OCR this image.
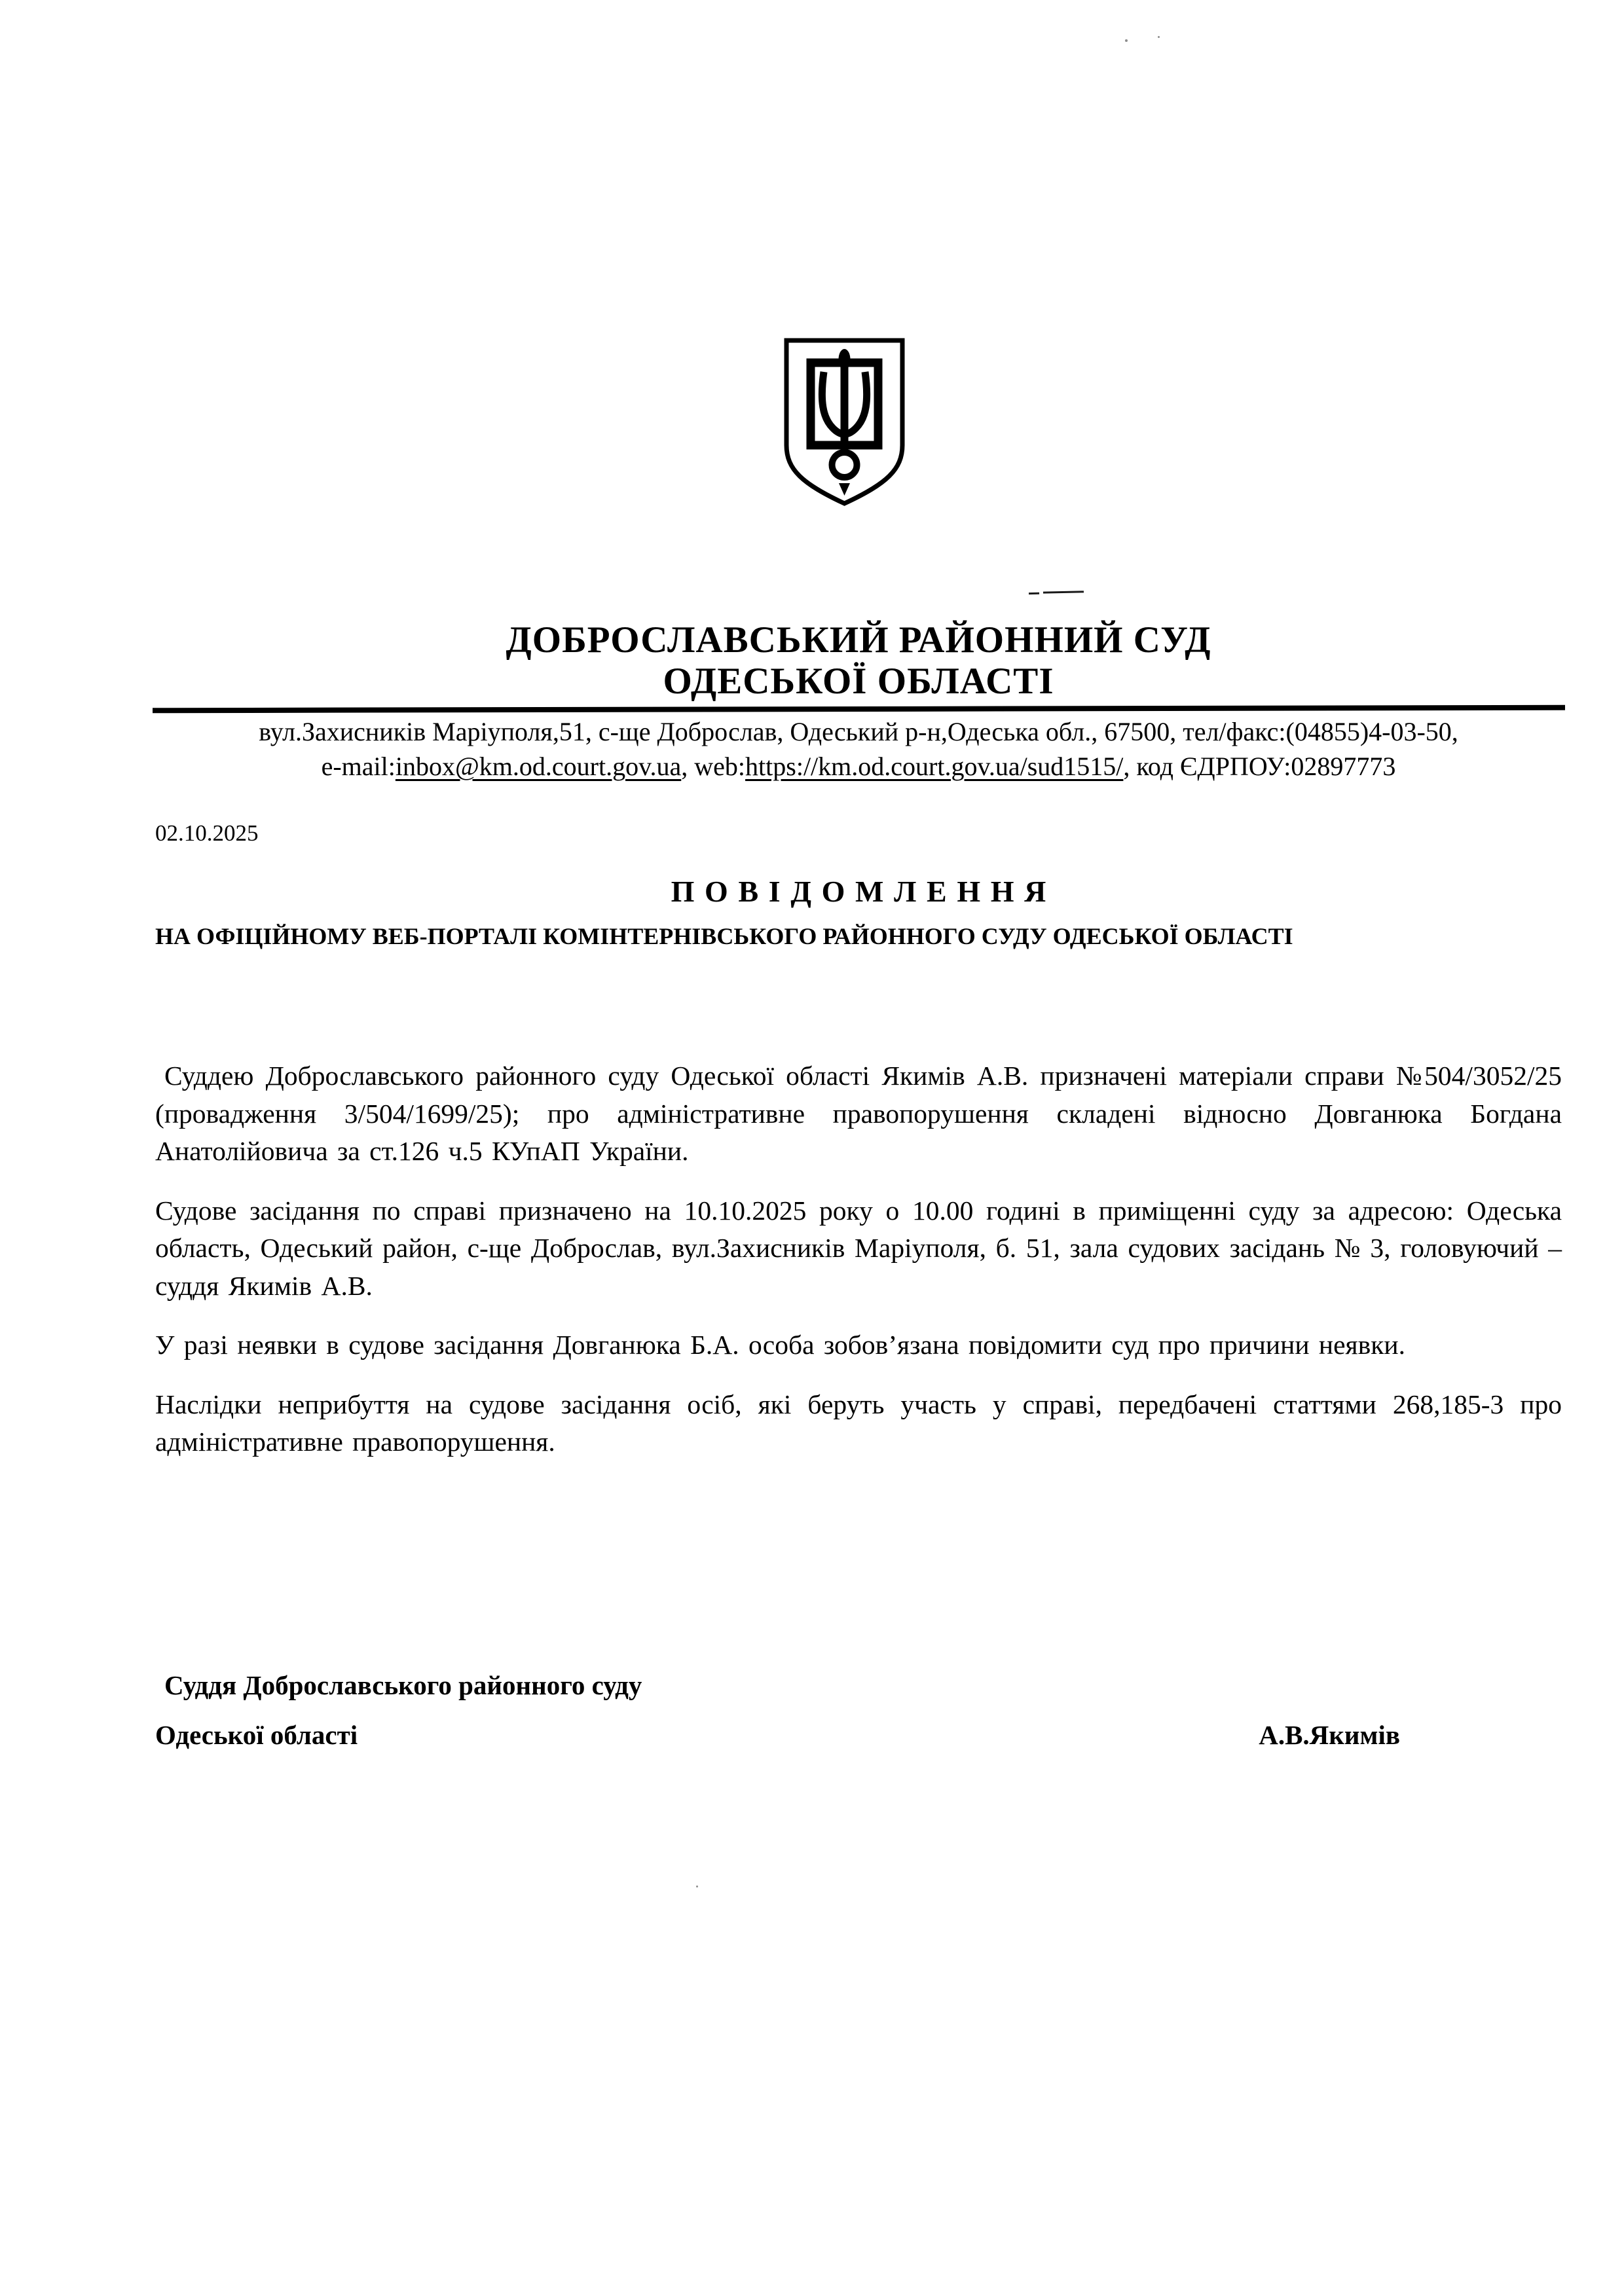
ДОБРОСЛАВСЬКИЙ РАЙОННИЙ СУД
ОДЕСЬКОЇ ОБЛАСТІ
вул.Захисників Маріуполя,51, с-ще Доброслав, Одеський р-н,Одеська обл., 67500, тел/факс:(04855)4-03-50,
e-mail:inbox@km.od.court.gov.ua, web:https://km.od.court.gov.ua/sud1515/, код ЄДРПОУ:02897773
02.10.2025
ПОВІДОМЛЕННЯ
НА ОФІЦІЙНОМУ ВЕБ-ПОРТАЛІ КОМІНТЕРНІВСЬКОГО РАЙОННОГО СУДУ ОДЕСЬКОЇ ОБЛАСТІ

Суддею Доброславського районного суду Одеської області Якимів А.В. призначені матеріали справи №504/3052/25 (провадження 3/504/1699/25); про адміністративне правопорушення складені відносно Довганюка Богдана Анатолійовича за ст.126 ч.5 КУпАП України.

Судове засідання по справі призначено на 10.10.2025 року о 10.00 годині в приміщенні суду за адресою: Одеська область, Одеський район, с-ще Доброслав, вул.Захисників Маріуполя, б. 51, зала судових засідань № 3, головуючий – суддя Якимів А.В.

У разі неявки в судове засідання Довганюка Б.А. особа зобов’язана повідомити суд про причини неявки.

Наслідки неприбуття на судове засідання осіб, які беруть участь у справі, передбачені статтями 268,185-3 про адміністративне правопорушення.

Суддя Доброславського районного суду
Одеської області	А.В.Якимів
